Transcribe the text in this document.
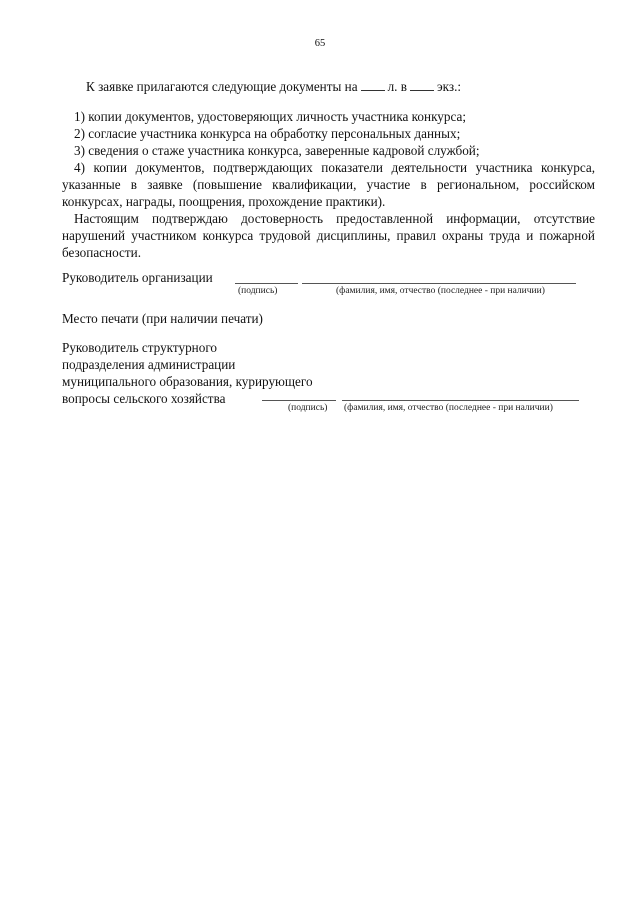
65

К заявке прилагаются следующие документы на л. в экз.:

1) копии документов, удостоверяющих личность участника конкурса;

2) согласие участника конкурса на обработку персональных данных;

3) сведения о стаже участника конкурса, заверенные кадровой службой;

4) копии документов, подтверждающих показатели деятельности участника конкурса, указанные в заявке (повышение квалификации, участие в региональном, российском конкурсах, награды, поощрения, прохождение практики).

Настоящим подтверждаю достоверность предоставленной информации, отсутствие нарушений участником конкурса трудовой дисциплины, правил охраны труда и пожарной безопасности.

Руководитель организации
(подпись)	(фамилия, имя, отчество (последнее - при наличии)
Место печати (при наличии печати)
Руководитель структурного
подразделения администрации
муниципального образования, курирующего
вопросы сельского хозяйства
(подпись) (фамилия, имя, отчество (последнее - при наличии)
